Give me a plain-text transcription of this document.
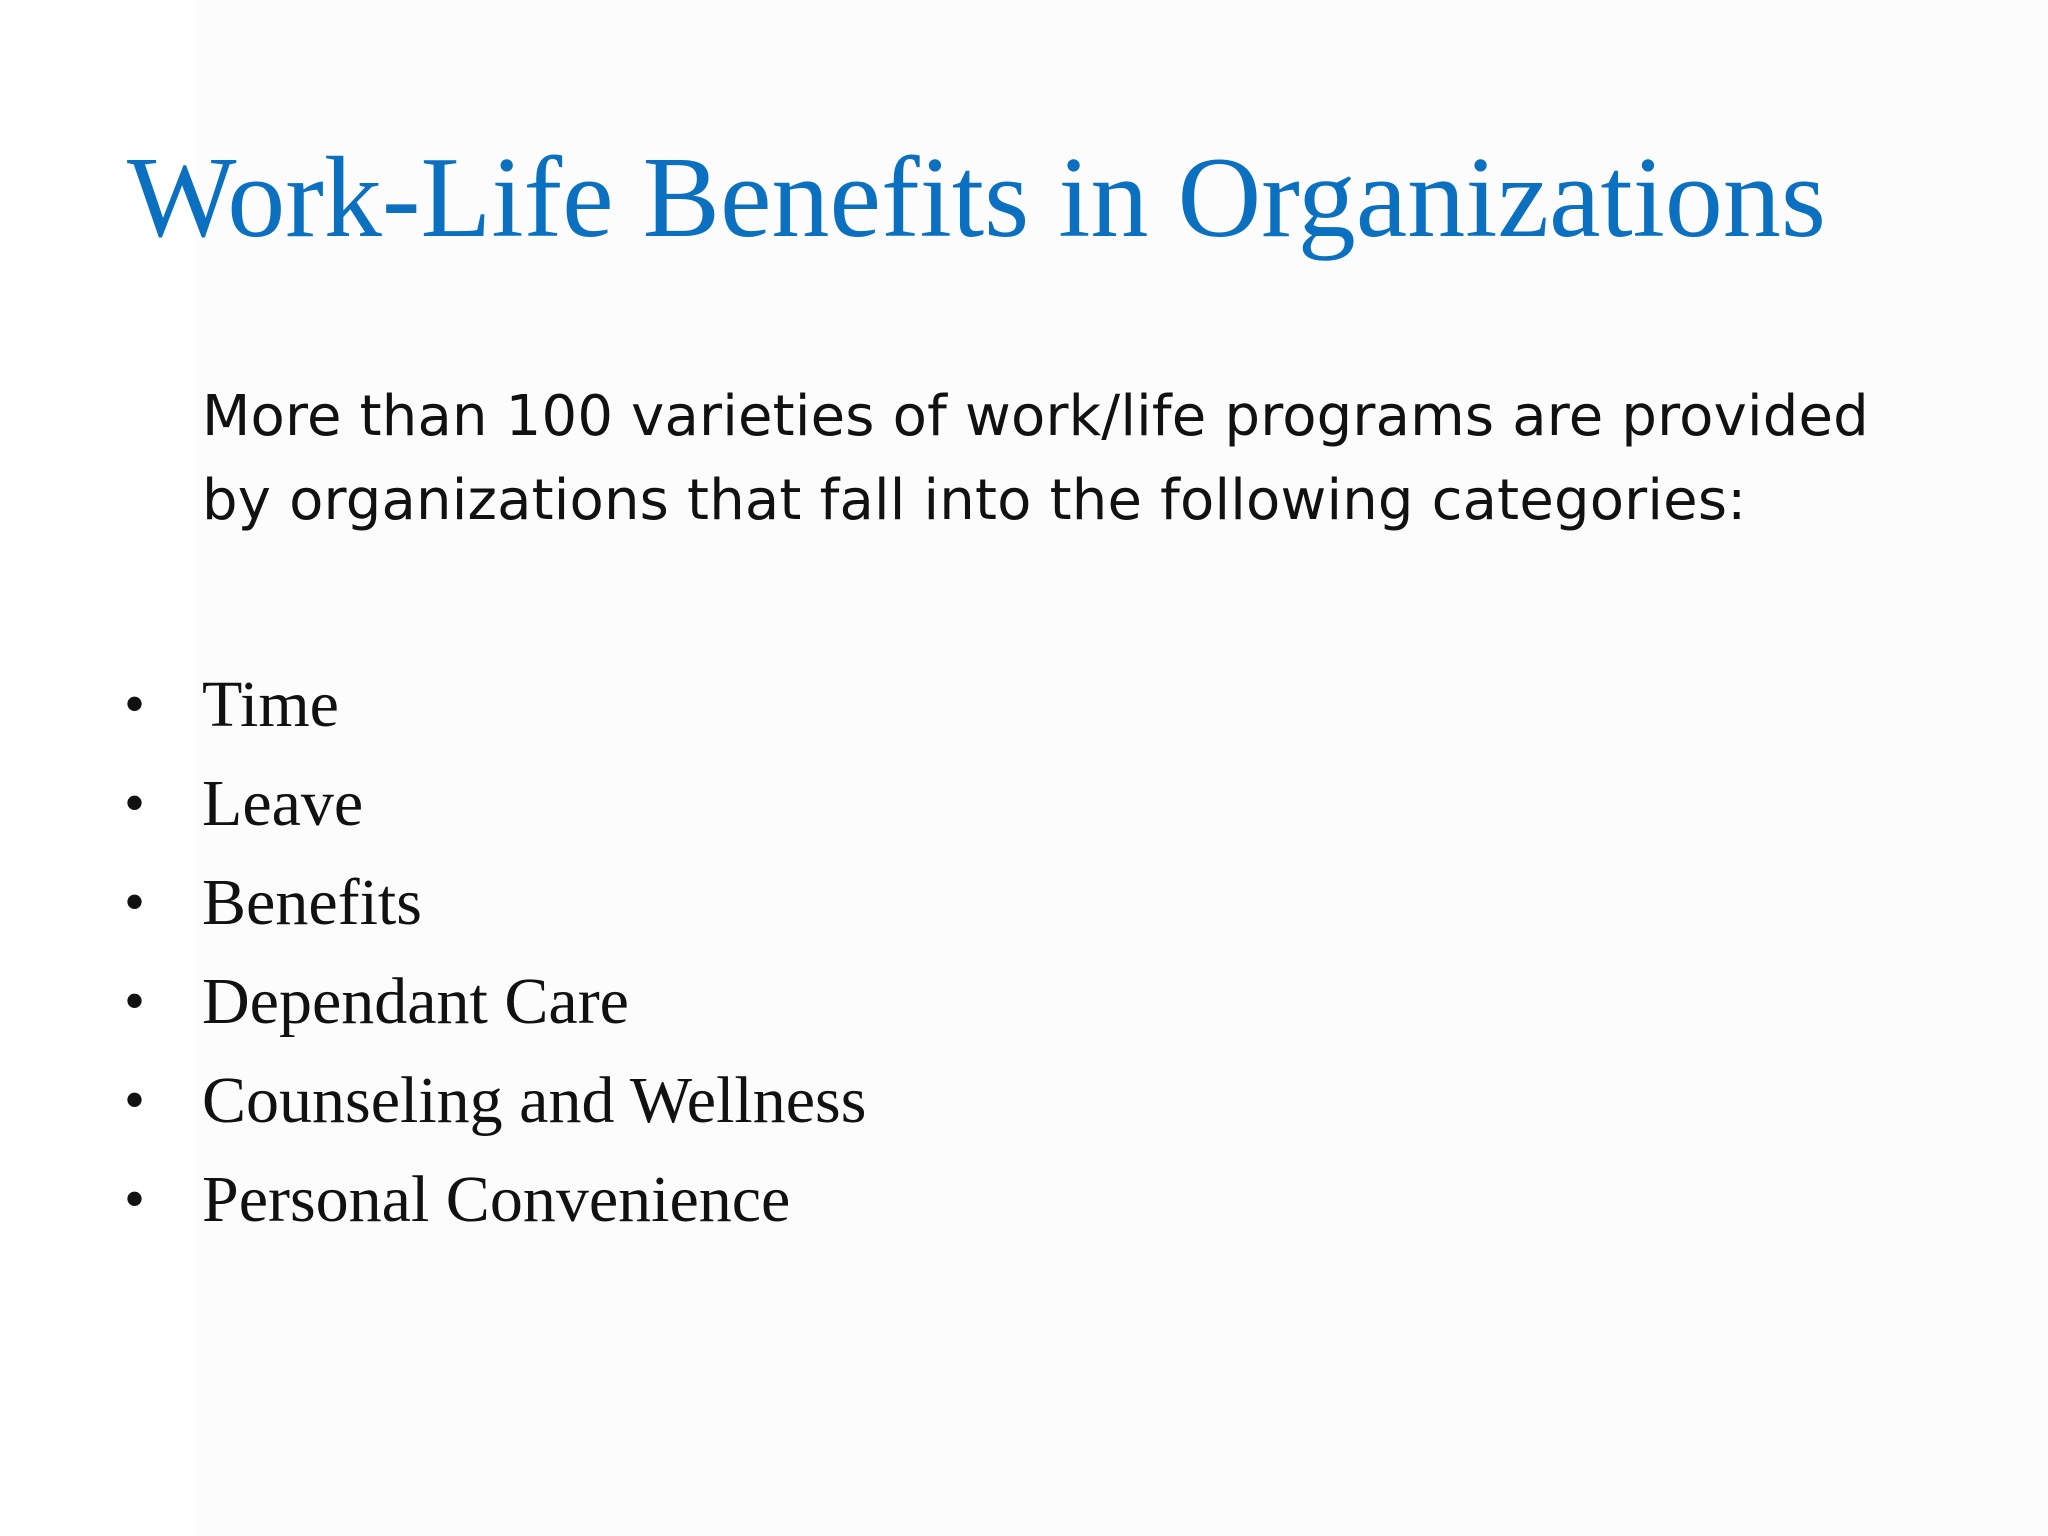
Work-Life Benefits in Organizations

More than 100 varieties of work/life programs are provided
by organizations that fall into the following categories:

• Time
• Leave
• Benefits
• Dependant Care
• Counseling and Wellness
• Personal Convenience
